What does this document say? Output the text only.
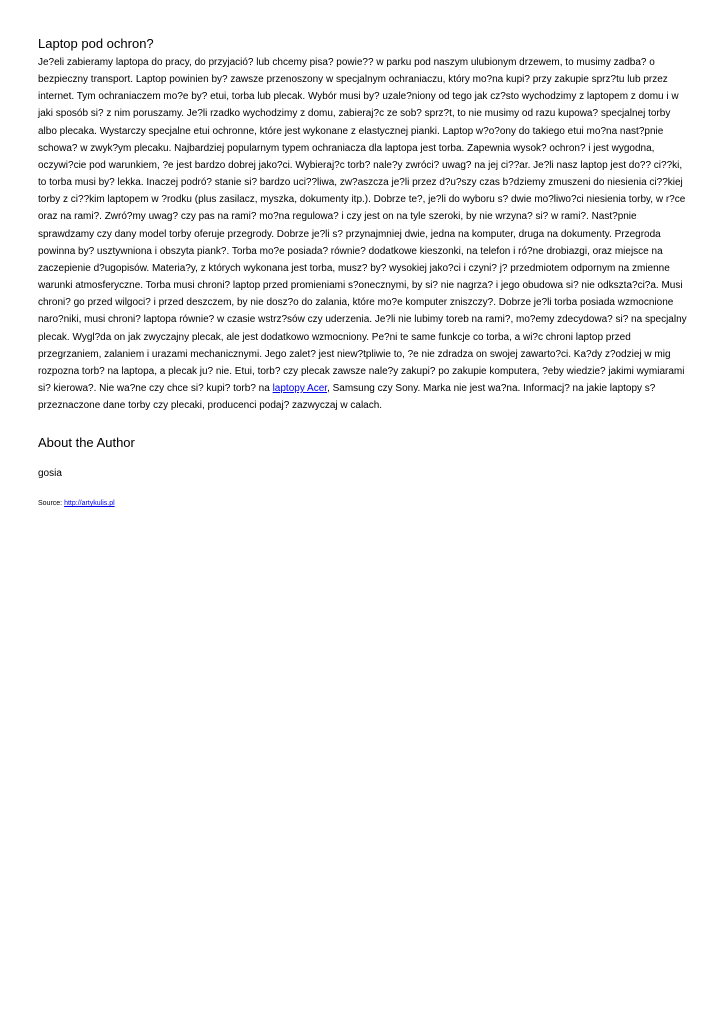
Laptop pod ochron?

Je?eli zabieramy laptopa do pracy, do przyjació? lub chcemy pisa? powie?? w parku pod naszym ulubionym drzewem, to musimy zadba? o bezpieczny transport. Laptop powinien by? zawsze przenoszony w specjalnym ochraniaczu, który mo?na kupi? przy zakupie sprz?tu lub przez internet. Tym ochraniaczem mo?e by? etui, torba lub plecak. Wybór musi by? uzale?niony od tego jak cz?sto wychodzimy z laptopem z domu i w jaki sposób si? z nim poruszamy. Je?li rzadko wychodzimy z domu, zabieraj?c ze sob? sprz?t, to nie musimy od razu kupowa? specjalnej torby albo plecaka. Wystarczy specjalne etui ochronne, które jest wykonane z elastycznej pianki. Laptop w?o?ony do takiego etui mo?na nast?pnie schowa? w zwyk?ym plecaku. Najbardziej popularnym typem ochraniacza dla laptopa jest torba. Zapewnia wysok? ochron? i jest wygodna, oczywi?cie pod warunkiem, ?e jest bardzo dobrej jako?ci. Wybieraj?c torb? nale?y zwróci? uwag? na jej ci??ar. Je?li nasz laptop jest do?? ci??ki, to torba musi by? lekka. Inaczej podró? stanie si? bardzo uci??liwa, zw?aszcza je?li przez d?u?szy czas b?dziemy zmuszeni do niesienia ci??kiej torby z ci??kim laptopem w ?rodku (plus zasilacz, myszka, dokumenty itp.). Dobrze te?, je?li do wyboru s? dwie mo?liwo?ci niesienia torby, w r?ce oraz na rami?. Zwró?my uwag? czy pas na rami? mo?na regulowa? i czy jest on na tyle szeroki, by nie wrzyna? si? w rami?. Nast?pnie sprawdzamy czy dany model torby oferuje przegrody. Dobrze je?li s? przynajmniej dwie, jedna na komputer, druga na dokumenty. Przegroda powinna by? usztywniona i obszyta piank?. Torba mo?e posiada? równie? dodatkowe kieszonki, na telefon i ró?ne drobiazgi, oraz miejsce na zaczepienie d?ugopisów. Materia?y, z których wykonana jest torba, musz? by? wysokiej jako?ci i czyni? j? przedmiotem odpornym na zmienne warunki atmosferyczne. Torba musi chroni? laptop przed promieniami s?onecznymi, by si? nie nagrza? i jego obudowa si? nie odkszta?ci?a. Musi chroni? go przed wilgoci? i przed deszczem, by nie dosz?o do zalania, które mo?e komputer zniszczy?. Dobrze je?li torba posiada wzmocnione naro?niki, musi chroni? laptopa równie? w czasie wstrz?sów czy uderzenia. Je?li nie lubimy toreb na rami?, mo?emy zdecydowa? si? na specjalny plecak. Wygl?da on jak zwyczajny plecak, ale jest dodatkowo wzmocniony. Pe?ni te same funkcje co torba, a wi?c chroni laptop przed przegrzaniem, zalaniem i urazami mechanicznymi. Jego zalet? jest niew?tpliwie to, ?e nie zdradza on swojej zawarto?ci. Ka?dy z?odziej w mig rozpozna torb? na laptopa, a plecak ju? nie. Etui, torb? czy plecak zawsze nale?y zakupi? po zakupie komputera, ?eby wiedzie? jakimi wymiarami si? kierowa?. Nie wa?ne czy chce si? kupi? torb? na laptopy Acer, Samsung czy Sony. Marka nie jest wa?na. Informacj? na jakie laptopy s? przeznaczone dane torby czy plecaki, producenci podaj? zazwyczaj w calach.

About the Author

gosia

Source: http://artykulis.pl
